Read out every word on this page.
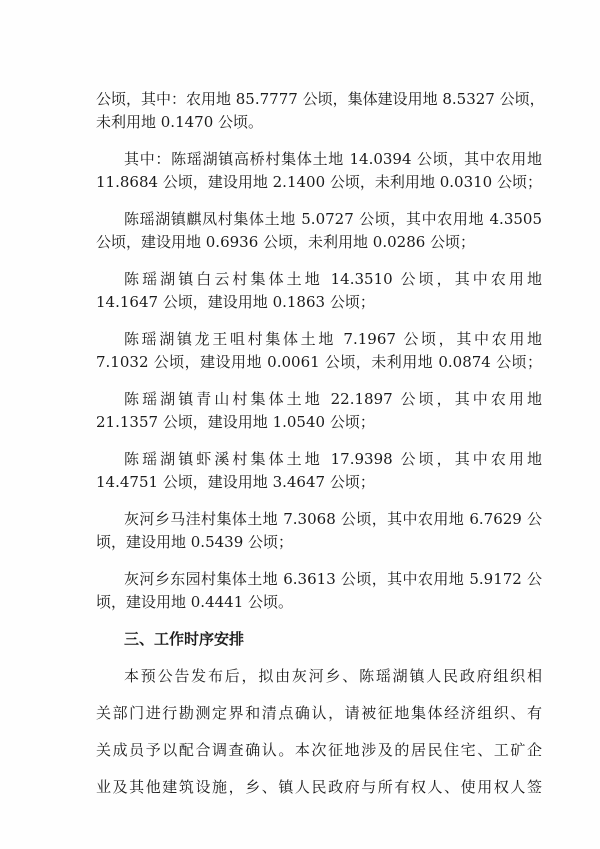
公顷，其中：农用地 85.7777 公顷，集体建设用地 8.5327 公顷，
未利用地 0.1470 公顷。
其中：陈瑶湖镇高桥村集体土地 14.0394 公顷，其中农用地
11.8684 公顷，建设用地 2.1400 公顷，未利用地 0.0310 公顷；
陈瑶湖镇麒凤村集体土地 5.0727 公顷，其中农用地 4.3505
公顷，建设用地 0.6936 公顷，未利用地 0.0286 公顷；
陈瑶湖镇白云村集体土地 14.3510 公顷，其中农用地
14.1647 公顷，建设用地 0.1863 公顷；
陈瑶湖镇龙王咀村集体土地 7.1967 公顷，其中农用地
7.1032 公顷，建设用地 0.0061 公顷，未利用地 0.0874 公顷；
陈瑶湖镇青山村集体土地 22.1897 公顷，其中农用地
21.1357 公顷，建设用地 1.0540 公顷；
陈瑶湖镇虾溪村集体土地 17.9398 公顷，其中农用地
14.4751 公顷，建设用地 3.4647 公顷；
灰河乡马洼村集体土地 7.3068 公顷，其中农用地 6.7629 公
顷，建设用地 0.5439 公顷；
灰河乡东园村集体土地 6.3613 公顷，其中农用地 5.9172 公
顷，建设用地 0.4441 公顷。
三、工作时序安排
本预公告发布后，拟由灰河乡、陈瑶湖镇人民政府组织相
关部门进行勘测定界和清点确认，请被征地集体经济组织、有
关成员予以配合调查确认。本次征地涉及的居民住宅、工矿企
业及其他建筑设施，乡、镇人民政府与所有权人、使用权人签
